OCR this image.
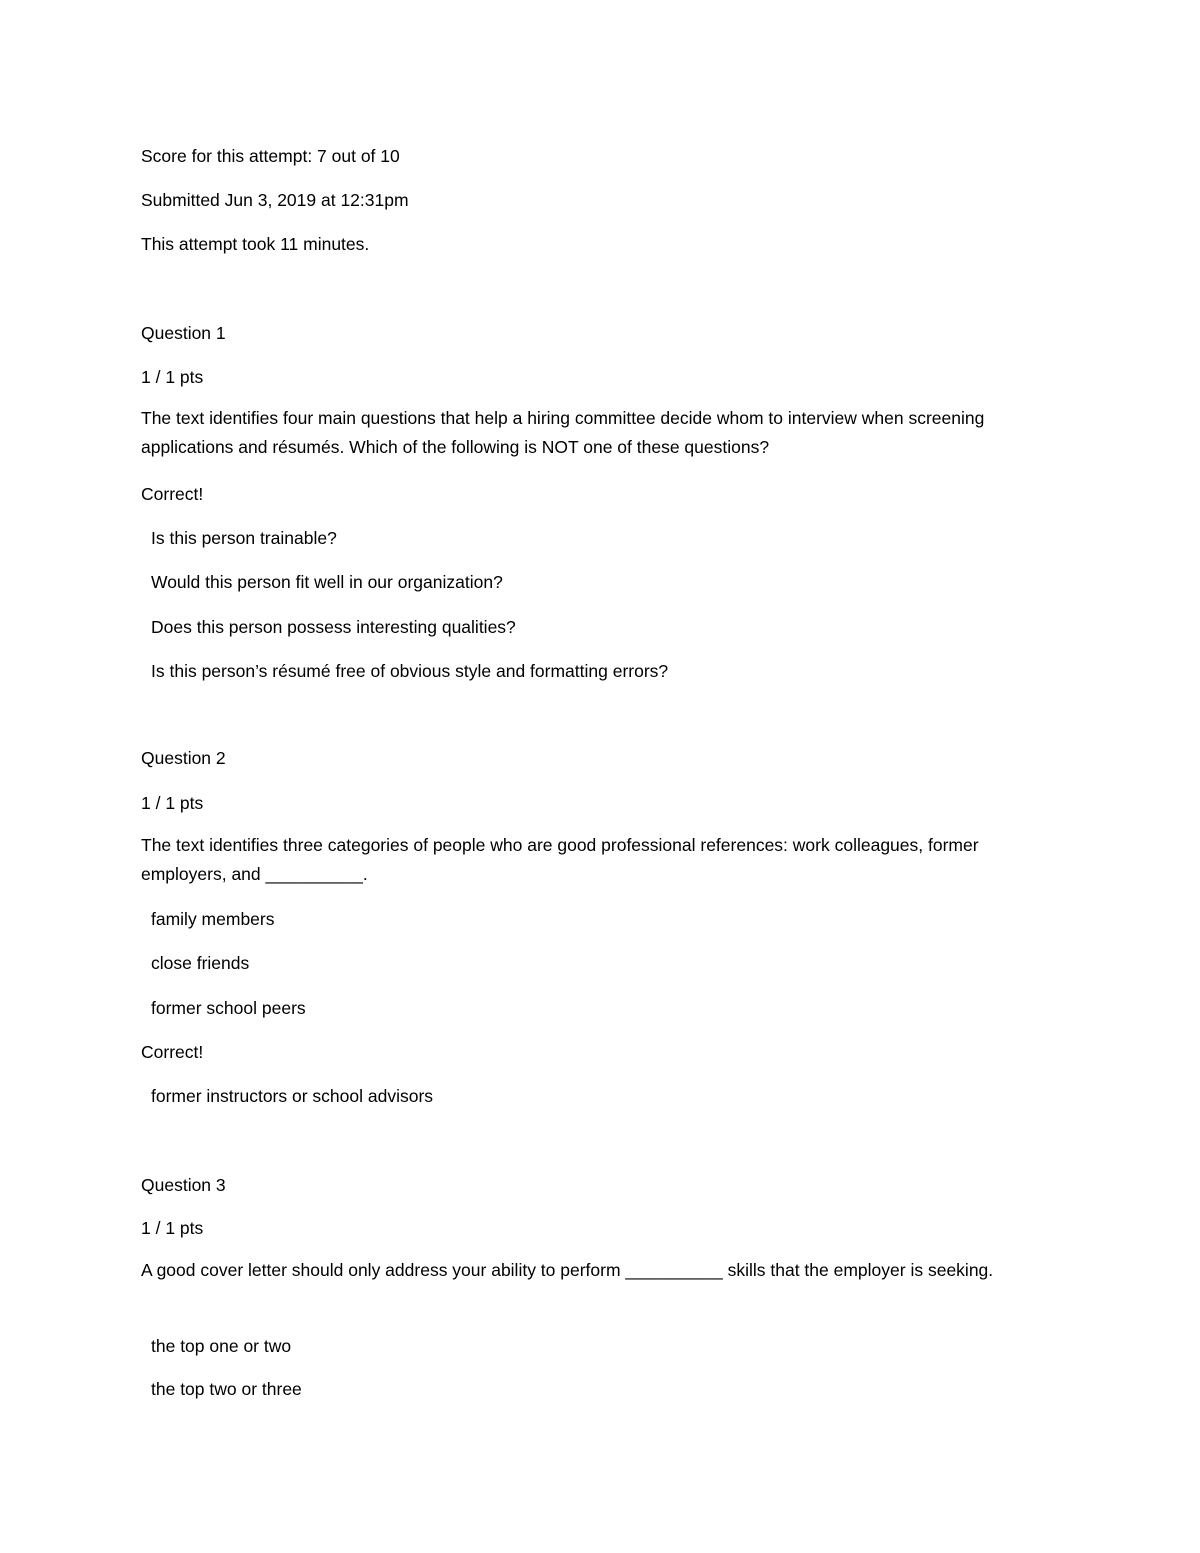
Score for this attempt: 7 out of 10
Submitted Jun 3, 2019 at 12:31pm
This attempt took 11 minutes.
Question 1
1 / 1 pts
The text identifies four main questions that help a hiring committee decide whom to interview when screening applications and résumés. Which of the following is NOT one of these questions?
Correct!
Is this person trainable?
Would this person fit well in our organization?
Does this person possess interesting qualities?
Is this person’s résumé free of obvious style and formatting errors?
Question 2
1 / 1 pts
The text identifies three categories of people who are good professional references: work colleagues, former employers, and __________.
family members
close friends
former school peers
Correct!
former instructors or school advisors
Question 3
1 / 1 pts
A good cover letter should only address your ability to perform __________ skills that the employer is seeking.
the top one or two
the top two or three
